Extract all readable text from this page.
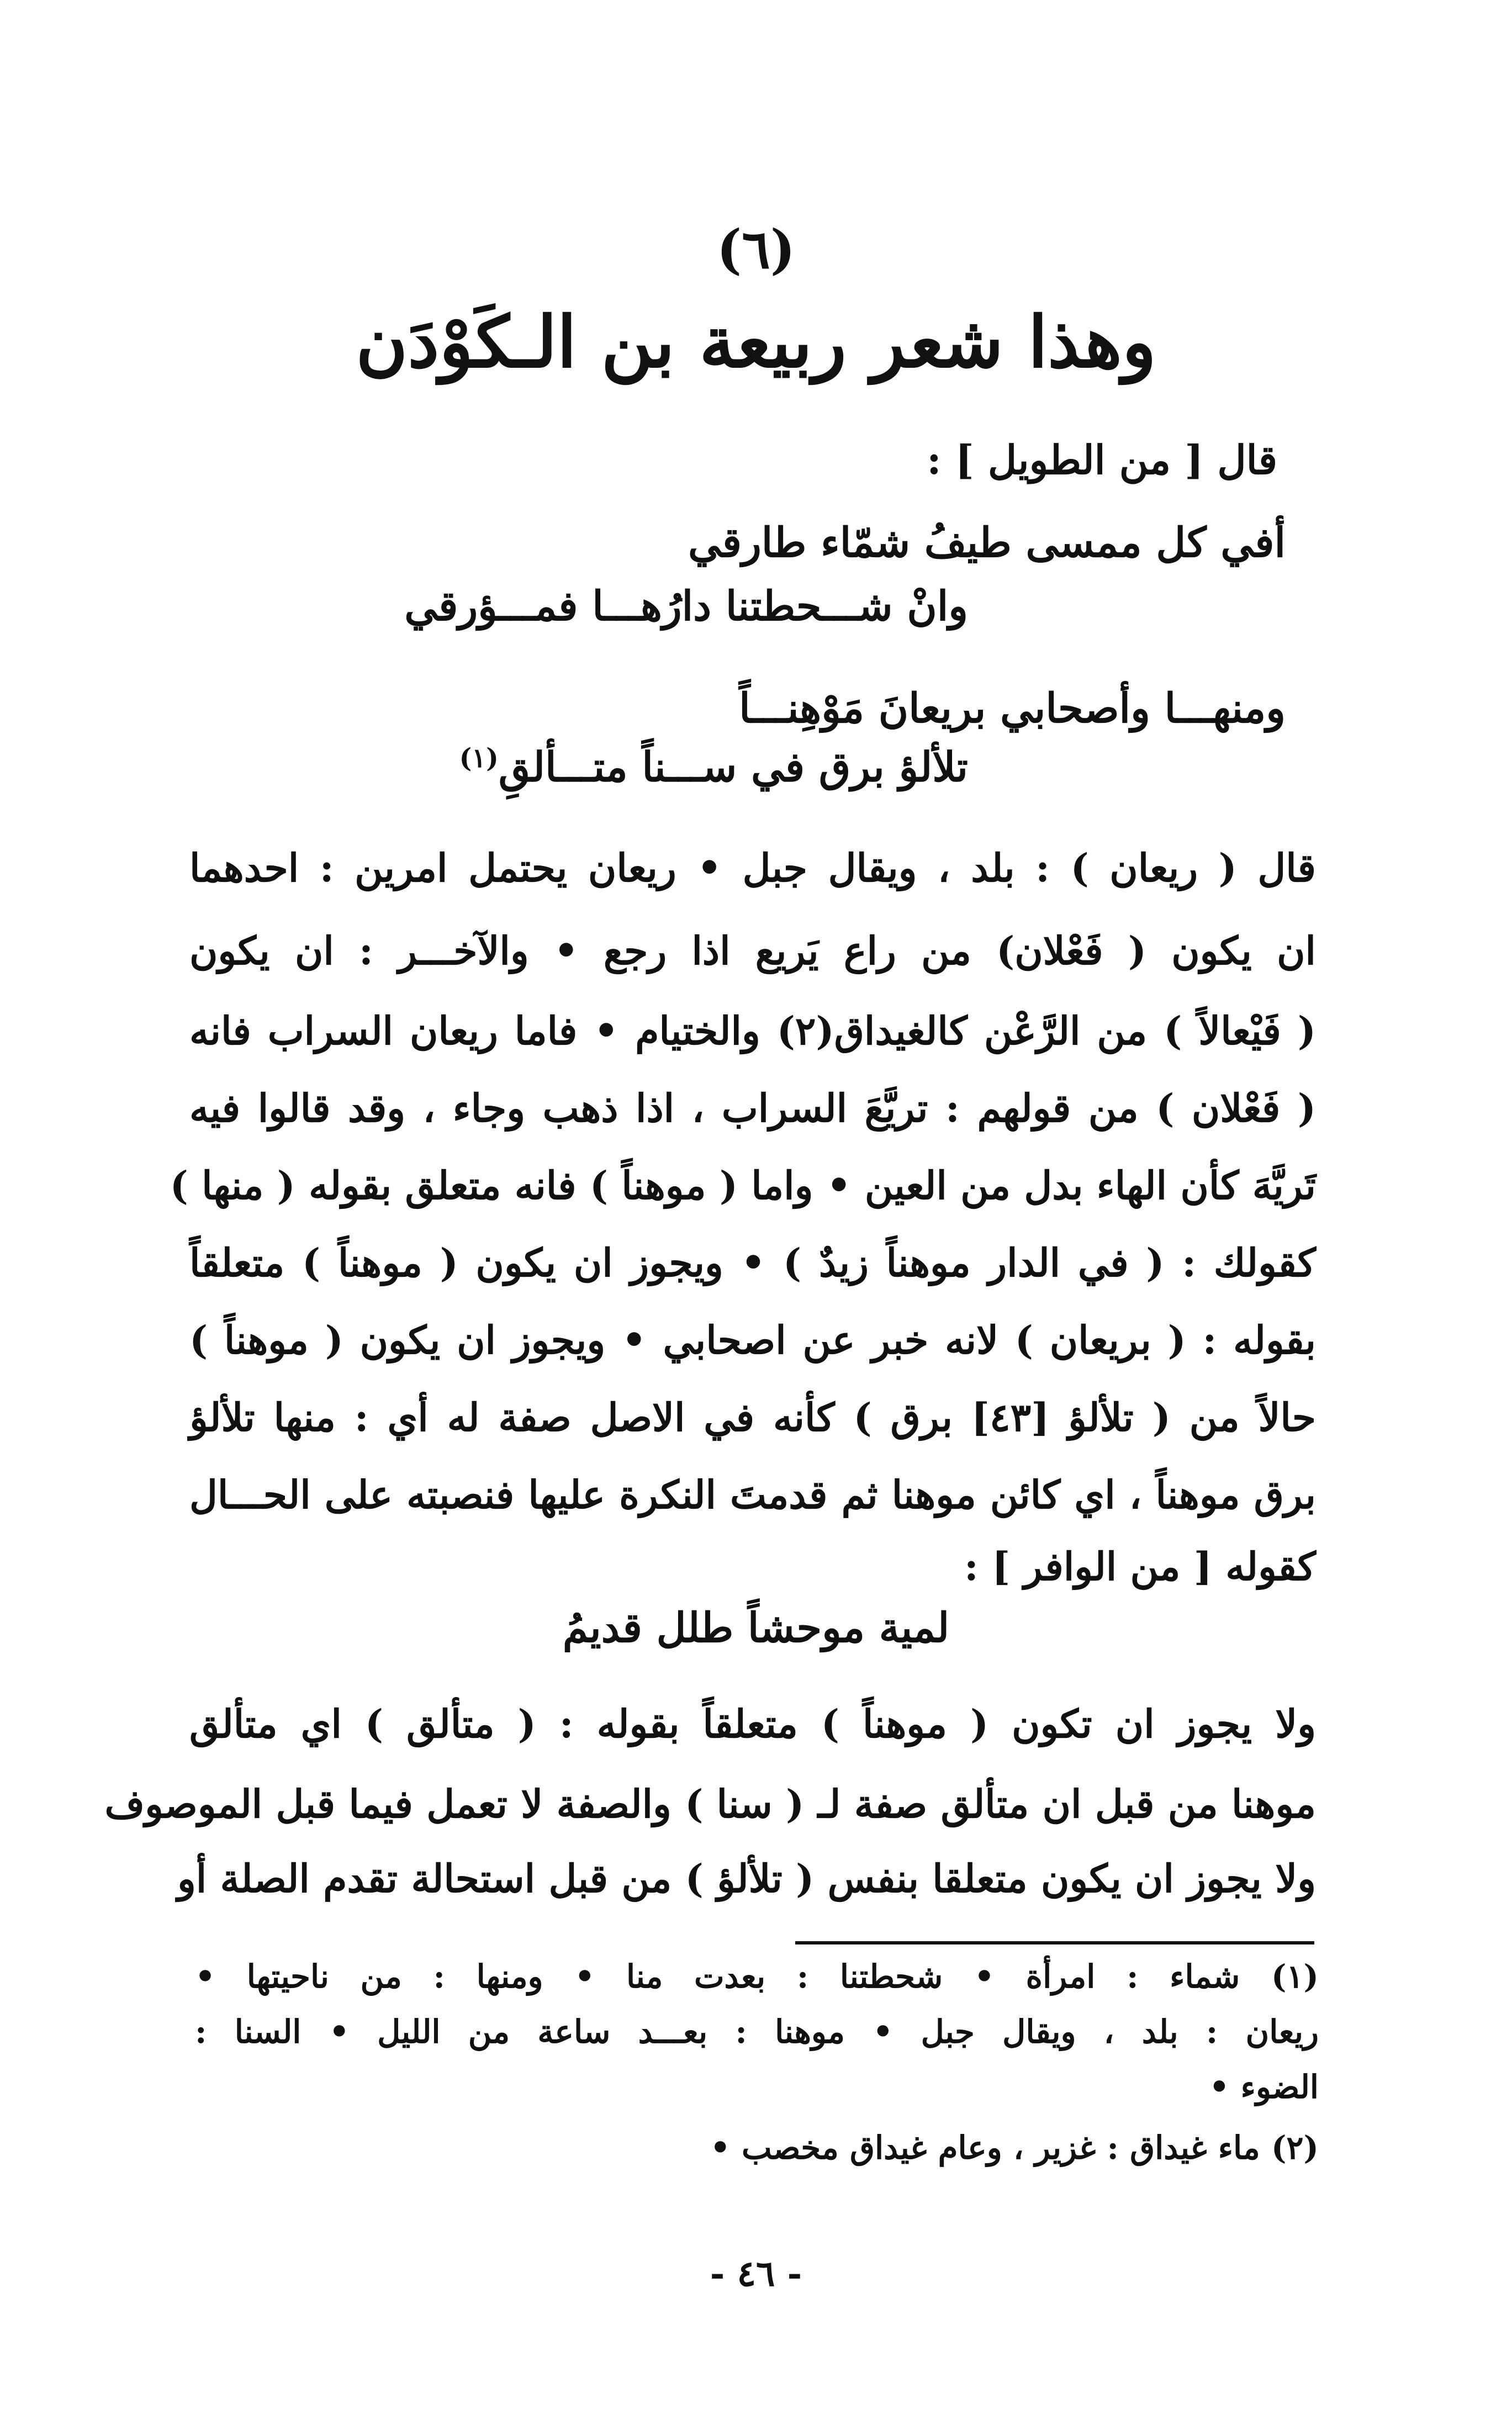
(٦)
وهذا شعر ربيعة بن الـكَوْدَن
قال [ من الطويل ] :
أفي كل ممسى طيفُ شمّاء طارقي
وانْ شـــحطتنا دارُهـــا فمـــؤرقي
ومنهـــا وأصحابي بريعانَ مَوْهِنـــاً
تلألؤ برق في ســـناً متـــألقِ$^{(١)}$
قال ( ريعان ) : بلد ، ويقال جبل • ريعان يحتمل امرين : احدهما
ان يكون ( فَعْلان) من راع يَريع اذا رجع • والآخـــر : ان يكون
( فَيْعالاً ) من الرَّعْن كالغيداق(٢) والختيام • فاما ريعان السراب فانه
( فَعْلان ) من قولهم : تريَّعَ السراب ، اذا ذهب وجاء ، وقد قالوا فيه
تَريَّهَ كأن الهاء بدل من العين • واما ( موهناً ) فانه متعلق بقوله ( منها )
كقولك : ( في الدار موهناً زيدٌ ) • ويجوز ان يكون ( موهناً ) متعلقاً
بقوله : ( بريعان ) لانه خبر عن اصحابي • ويجوز ان يكون ( موهناً )
حالاً من ( تلألؤ [٤٣] برق ) كأنه في الاصل صفة له أي : منها تلألؤ
برق موهناً ، اي كائن موهنا ثم قدمتَ النكرة عليها فنصبته على الحـــال
كقوله [ من الوافر ] :
لمية موحشاً طلل قديمُ
ولا يجوز ان تكون ( موهناً ) متعلقاً بقوله : ( متألق ) اي متألق
موهنا من قبل ان متألق صفة لـ ( سنا ) والصفة لا تعمل فيما قبل الموصوف
ولا يجوز ان يكون متعلقا بنفس ( تلألؤ ) من قبل استحالة تقدم الصلة أو
(١) شماء : امرأة • شحطتنا : بعدت منا • ومنها : من ناحيتها •
ريعان : بلد ، ويقال جبل • موهنا : بعـــد ساعة من الليل • السنا :
الضوء •
(٢) ماء غيداق : غزير ، وعام غيداق مخصب •
- ٤٦ -
